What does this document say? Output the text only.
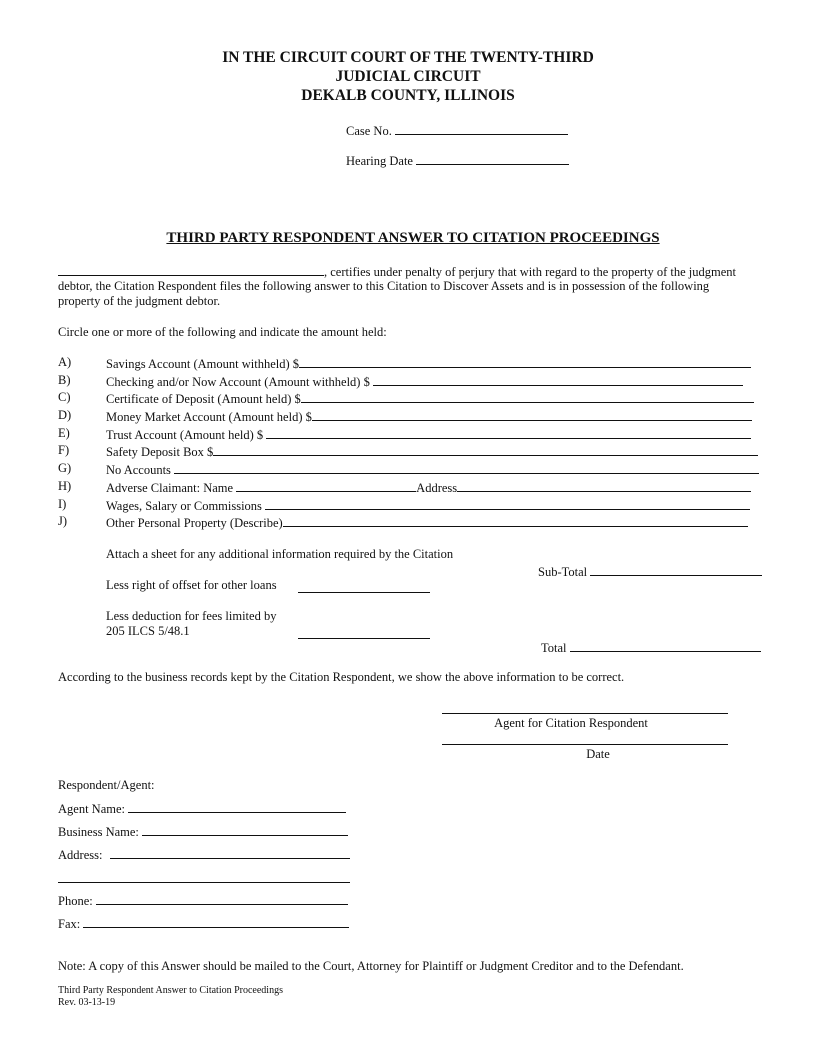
IN THE CIRCUIT COURT OF THE TWENTY-THIRD
JUDICIAL CIRCUIT
DEKALB COUNTY, ILLINOIS
Case No.
Hearing Date
THIRD PARTY RESPONDENT ANSWER TO CITATION PROCEEDINGS
, certifies under penalty of perjury that with regard to the property of the judgment
debtor, the Citation Respondent files the following answer to this Citation to Discover Assets and is in possession of the following
property of the judgment debtor.
Circle one or more of the following and indicate the amount held:
A)	Savings Account (Amount withheld) $
B)	Checking and/or Now Account (Amount withheld) $
C)	Certificate of Deposit (Amount held) $
D)	Money Market Account (Amount held) $
E)	Trust Account (Amount held) $
F)	Safety Deposit Box $
G)	No Accounts
H)	Adverse Claimant: Name	Address
I)	Wages, Salary or Commissions
J)	Other Personal Property (Describe)
Attach a sheet for any additional information required by the Citation
Sub-Total
Less right of offset for other loans
Less deduction for fees limited by
205 ILCS 5/48.1
Total
According to the business records kept by the Citation Respondent, we show the above information to be correct.
Agent for Citation Respondent
Date
Respondent/Agent:
Agent Name:
Business Name:
Address:
Phone:
Fax:
Note: A copy of this Answer should be mailed to the Court, Attorney for Plaintiff or Judgment Creditor and to the Defendant.
Third Party Respondent Answer to Citation Proceedings
Rev. 03-13-19
